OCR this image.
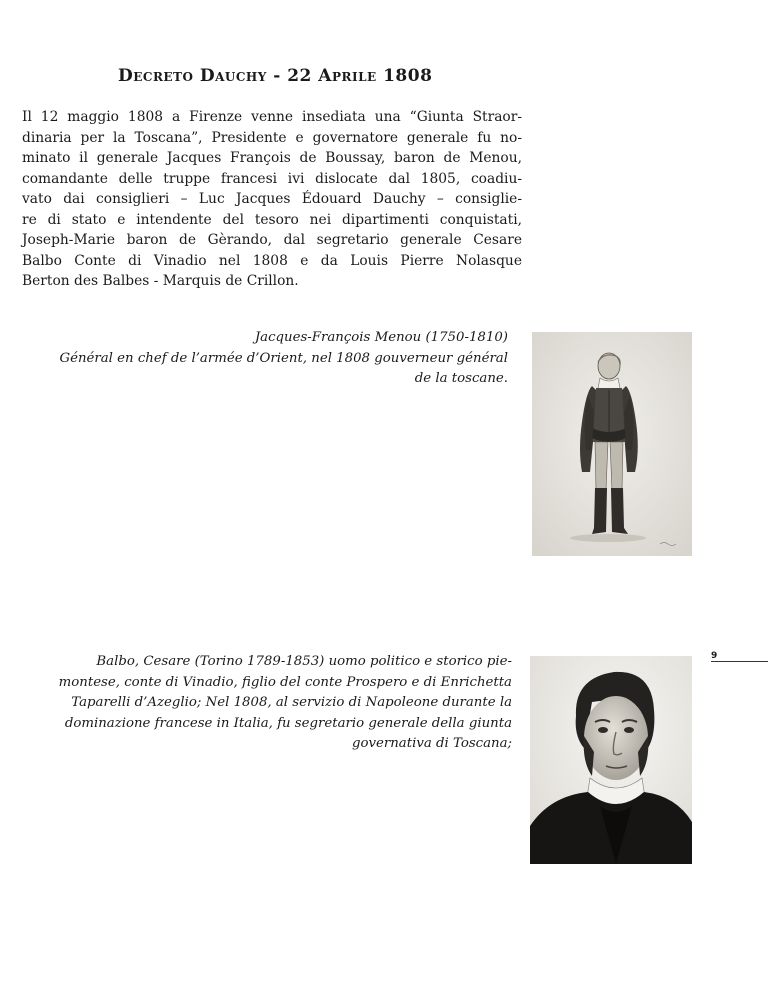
Decreto Dauchy - 22 Aprile 1808
Il 12 maggio 1808 a Firenze venne insediata una “Giunta Straor-
dinaria per la Toscana”, Presidente e governatore generale fu no-
minato il generale Jacques François de Boussay, baron de Menou,
comandante delle truppe francesi ivi dislocate dal 1805, coadiu-
vato dai consiglieri – Luc Jacques Édouard Dauchy – consiglie-
re di stato e intendente del tesoro nei dipartimenti conquistati,
Joseph-Marie baron de Gèrando, dal segretario generale Cesare
Balbo Conte di Vinadio nel 1808 e da Louis Pierre Nolasque
Berton des Balbes - Marquis de Crillon.
Jacques-François Menou (1750-1810)
Général en chef de l’armée d’Orient, nel 1808 gouverneur général
de la toscane.
9
Balbo, Cesare (Torino 1789-1853) uomo politico e storico pie-
montese, conte di Vinadio, figlio del conte Prospero e di Enrichetta
Taparelli d’Azeglio; Nel 1808, al servizio di Napoleone durante la
dominazione francese in Italia, fu segretario generale della giunta
governativa di Toscana;
